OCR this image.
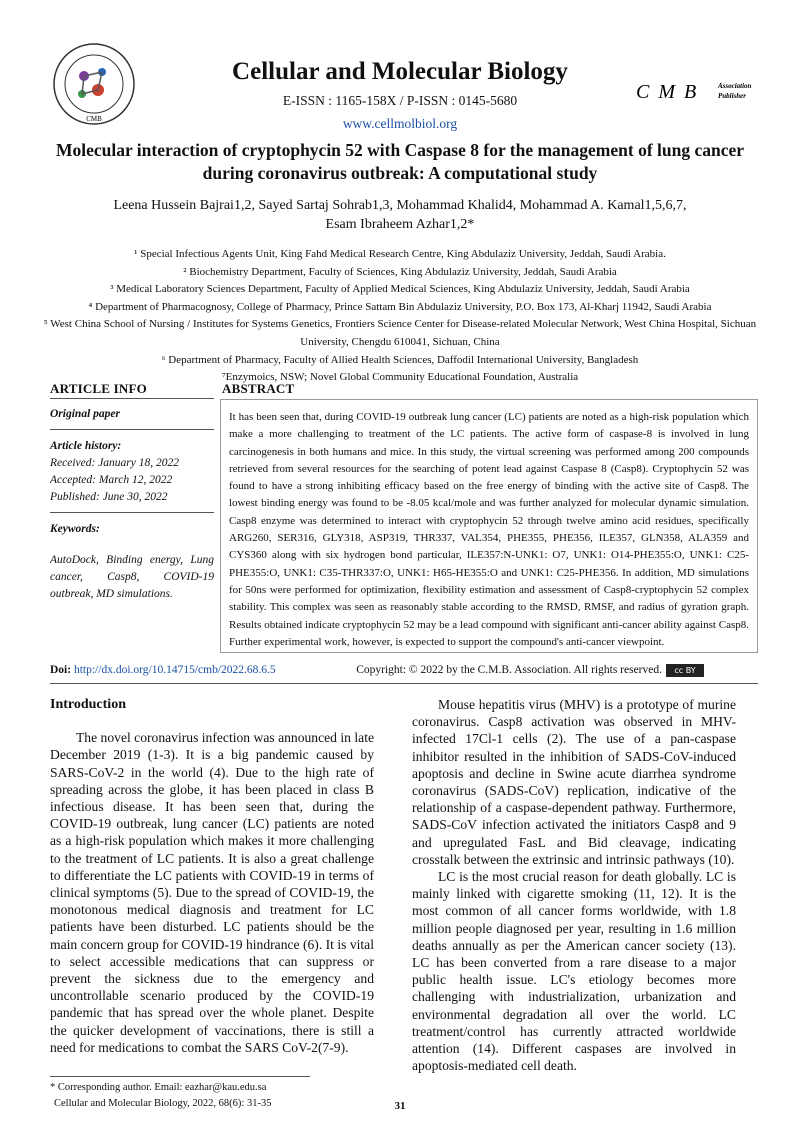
CMB
Cellular and Molecular Biology
E-ISSN : 1165-158X / P-ISSN : 0145-5680
www.cellmolbiol.org
C M B	Association
Publisher
Molecular interaction of cryptophycin 52 with Caspase 8 for the management of lung cancer during coronavirus outbreak: A computational study
Leena Hussein Bajrai1,2, Sayed Sartaj Sohrab1,3, Mohammad Khalid4, Mohammad A. Kamal1,5,6,7,
Esam Ibraheem Azhar1,2*
¹ Special Infectious Agents Unit, King Fahd Medical Research Centre, King Abdulaziz University, Jeddah, Saudi Arabia.
² Biochemistry Department, Faculty of Sciences, King Abdulaziz University, Jeddah, Saudi Arabia
³ Medical Laboratory Sciences Department, Faculty of Applied Medical Sciences, King Abdulaziz University, Jeddah, Saudi Arabia
⁴ Department of Pharmacognosy, College of Pharmacy, Prince Sattam Bin Abdulaziz University, P.O. Box 173, Al-Kharj 11942, Saudi Arabia
⁵ West China School of Nursing / Institutes for Systems Genetics, Frontiers Science Center for Disease-related Molecular Network, West China Hospital, Sichuan University, Chengdu 610041, Sichuan, China
⁶ Department of Pharmacy, Faculty of Allied Health Sciences, Daffodil International University, Bangladesh
⁷Enzymoics, NSW; Novel Global Community Educational Foundation, Australia
ARTICLE INFO	ABSTRACT
Original paper
Article history:
Received: January 18, 2022
Accepted: March 12, 2022
Published: June 30, 2022
Keywords:
AutoDock, Binding energy, Lung cancer, Casp8, COVID-19 outbreak, MD simulations.
It has been seen that, during COVID-19 outbreak lung cancer (LC) patients are noted as a high-risk population which make a more challenging to treatment of the LC patients. The active form of caspase-8 is involved in lung carcinogenesis in both humans and mice. In this study, the virtual screening was performed among 200 compounds retrieved from several resources for the searching of potent lead against Caspase 8 (Casp8). Cryptophycin 52 was found to have a strong inhibiting efficacy based on the free energy of binding with the active site of Casp8. The lowest binding energy was found to be -8.05 kcal/mole and was further analyzed for molecular dynamic simulation. Casp8 enzyme was determined to interact with cryptophycin 52 through twelve amino acid residues, specifically ARG260, SER316, GLY318, ASP319, THR337, VAL354, PHE355, PHE356, ILE357, GLN358, ALA359 and CYS360 along with six hydrogen bond particular, ILE357:N-UNK1: O7, UNK1: O14-PHE355:O, UNK1: C25-PHE355:O, UNK1: C35-THR337:O, UNK1: H65-HE355:O and UNK1: C25-PHE356. In addition, MD simulations for 50ns were performed for optimization, flexibility estimation and assessment of Casp8-cryptophycin 52 complex stability. This complex was seen as reasonably stable according to the RMSD, RMSF, and radius of gyration graph. Results obtained indicate cryptophycin 52 may be a lead compound with significant anti-cancer ability against Casp8. Further experimental work, however, is expected to support the compound's anti-cancer viewpoint.
Doi: http://dx.doi.org/10.14715/cmb/2022.68.6.5	Copyright: © 2022 by the C.M.B. Association. All rights reserved. cc BY

Introduction

The novel coronavirus infection was announced in late December 2019 (1-3). It is a big pandemic caused by SARS-CoV-2 in the world (4). Due to the high rate of spreading across the globe, it has been placed in class B infectious disease. It has been seen that, during the COVID-19 outbreak, lung cancer (LC) patients are noted as a high-risk population which makes it more challenging to the treatment of LC patients. It is also a great challenge to differentiate the LC patients with COVID-19 in terms of clinical symptoms (5). Due to the spread of COVID-19, the monotonous medical diagnosis and treatment for LC patients have been disturbed. LC patients should be the main concern group for COVID-19 hindrance (6). It is vital to select accessible medications that can suppress or prevent the sickness due to the emergency and uncontrollable scenario produced by the COVID-19 pandemic that has spread over the whole planet. Despite the quicker development of vaccinations, there is still a need for medications to combat the SARS CoV-2(7-9).

Mouse hepatitis virus (MHV) is a prototype of murine coronavirus. Casp8 activation was observed in MHV-infected 17Cl-1 cells (2). The use of a pan-caspase inhibitor resulted in the inhibition of SADS-CoV-induced apoptosis and decline in Swine acute diarrhea syndrome coronavirus (SADS-CoV) replication, indicative of the relationship of a caspase-dependent pathway. Furthermore, SADS-CoV infection activated the initiators Casp8 and 9 and upregulated FasL and Bid cleavage, indicating crosstalk between the extrinsic and intrinsic pathways (10).

LC is the most crucial reason for death globally. LC is mainly linked with cigarette smoking (11, 12). It is the most common of all cancer forms worldwide, with 1.8 million people diagnosed per year, resulting in 1.6 million deaths annually as per the American cancer society (13). LC has been converted from a rare disease to a major public health issue. LC's etiology becomes more challenging with industrialization, urbanization and environmental degradation all over the world. LC treatment/control has currently attracted worldwide attention (14). Different caspases are involved in apoptosis-mediated cell death.

* Corresponding author. Email: eazhar@kau.edu.sa
Cellular and Molecular Biology, 2022, 68(6): 31-35	31
